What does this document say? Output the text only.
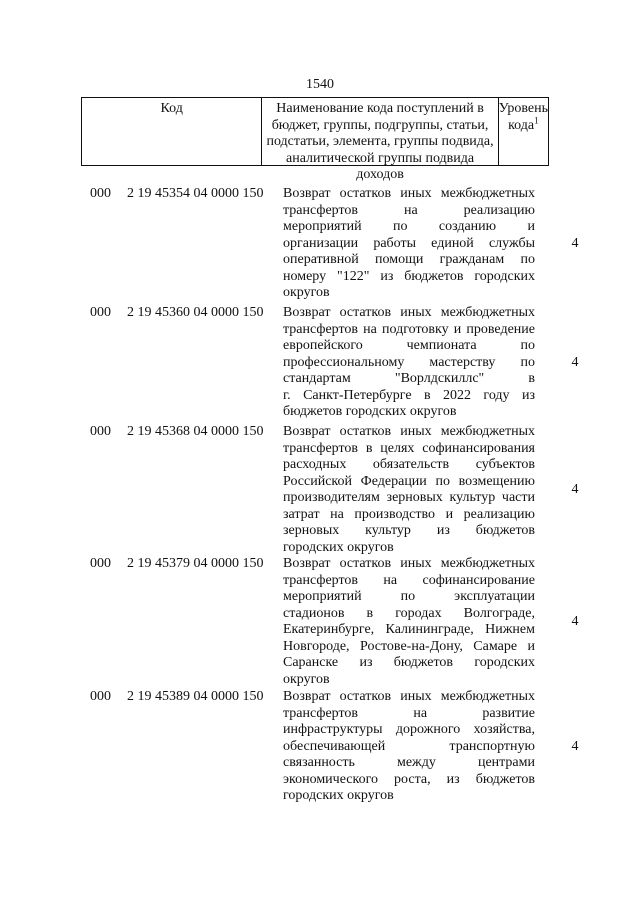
1540
Код	Наименование кода поступлений в
бюджет, группы, подгруппы, статьи,
подстатьи, элемента, группы подвида,
аналитической группы подвида доходов
Уровень
кода$^1$
000 2 19 45354 04 0000 150 Возврат остатков иных межбюджетных
трансфертов на реализацию
мероприятий по созданию и
организации работы единой службы
оперативной помощи гражданам по
номеру "122" из бюджетов городских
округов
4
000 2 19 45360 04 0000 150 Возврат остатков иных межбюджетных
трансфертов на подготовку и проведение
европейского чемпионата по
профессиональному мастерству по
стандартам "Ворлдскиллс" в
г. Санкт-Петербурге в 2022 году из
бюджетов городских округов
4
000 2 19 45368 04 0000 150 Возврат остатков иных межбюджетных
трансфертов в целях софинансирования
расходных обязательств субъектов
Российской Федерации по возмещению
производителям зерновых культур части
затрат на производство и реализацию
зерновых культур из бюджетов
городских округов
4
000 2 19 45379 04 0000 150 Возврат остатков иных межбюджетных
трансфертов на софинансирование
мероприятий по эксплуатации
стадионов в городах Волгограде,
Екатеринбурге, Калининграде, Нижнем
Новгороде, Ростове-на-Дону, Самаре и
Саранске из бюджетов городских
округов
4
000 2 19 45389 04 0000 150 Возврат остатков иных межбюджетных
трансфертов на развитие
инфраструктуры дорожного хозяйства,
обеспечивающей транспортную
связанность между центрами
экономического роста, из бюджетов
городских округов
4
